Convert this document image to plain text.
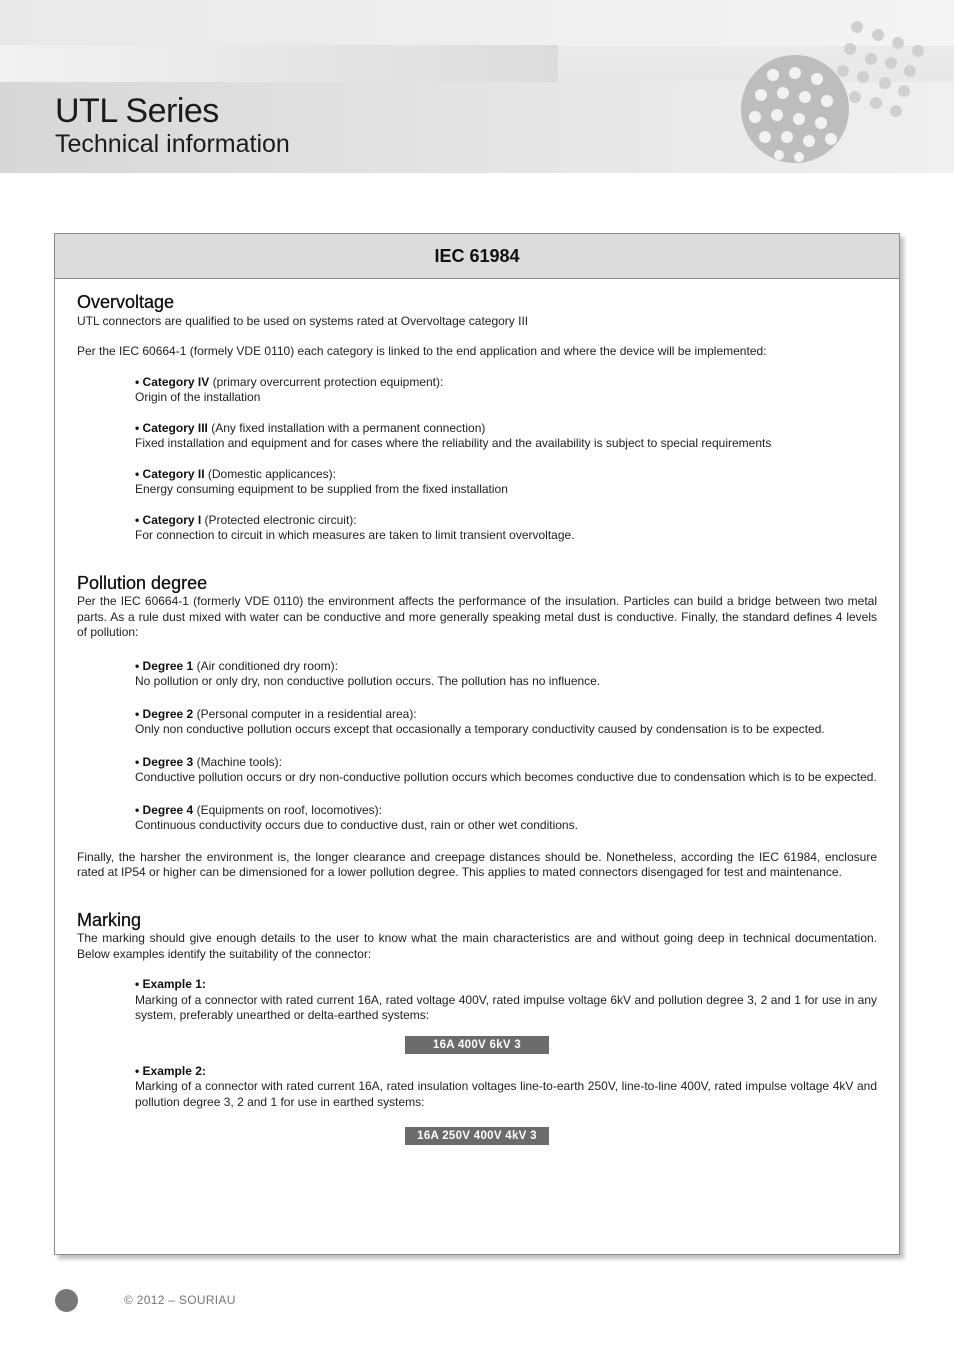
UTL Series
Technical information
IEC 61984
Overvoltage

UTL connectors are qualified to be used on systems rated at Overvoltage category III

Per the IEC 60664-1 (formely VDE 0110) each category is linked to the end application and where the device will be implemented:

• Category IV (primary overcurrent protection equipment):

Origin of the installation

• Category III (Any fixed installation with a permanent connection)

Fixed installation and equipment and for cases where the reliability and the availability is subject to special requirements

• Category II (Domestic applicances):

Energy consuming equipment to be supplied from the fixed installation

• Category I (Protected electronic circuit):

For connection to circuit in which measures are taken to limit transient overvoltage.

Pollution degree

Per the IEC 60664-1 (formerly VDE 0110) the environment affects the performance of the insulation. Particles can build a bridge between two metal parts. As a rule dust mixed with water can be conductive and more generally speaking metal dust is conductive. Finally, the standard defines 4 levels of pollution:

• Degree 1 (Air conditioned dry room):

No pollution or only dry, non conductive pollution occurs. The pollution has no influence.

• Degree 2 (Personal computer in a residential area):

Only non conductive pollution occurs except that occasionally a temporary conductivity caused by condensation is to be expected.

• Degree 3 (Machine tools):

Conductive pollution occurs or dry non-conductive pollution occurs which becomes conductive due to condensation which is to be expected.

• Degree 4 (Equipments on roof, locomotives):

Continuous conductivity occurs due to conductive dust, rain or other wet conditions.

Finally, the harsher the environment is, the longer clearance and creepage distances should be. Nonetheless, according the IEC 61984, enclosure rated at IP54 or higher can be dimensioned for a lower pollution degree. This applies to mated connectors disengaged for test and maintenance.

Marking

The marking should give enough details to the user to know what the main characteristics are and without going deep in technical documentation. Below examples identify the suitability of the connector:

• Example 1:

Marking of a connector with rated current 16A, rated voltage 400V, rated impulse voltage 6kV and pollution degree 3, 2 and 1 for use in any system, preferably unearthed or delta-earthed systems:

16A 400V 6kV 3

• Example 2:

Marking of a connector with rated current 16A, rated insulation voltages line-to-earth 250V, line-to-line 400V, rated impulse voltage 4kV and pollution degree 3, 2 and 1 for use in earthed systems:

16A 250V 400V 4kV 3
© 2012 – SOURIAU
